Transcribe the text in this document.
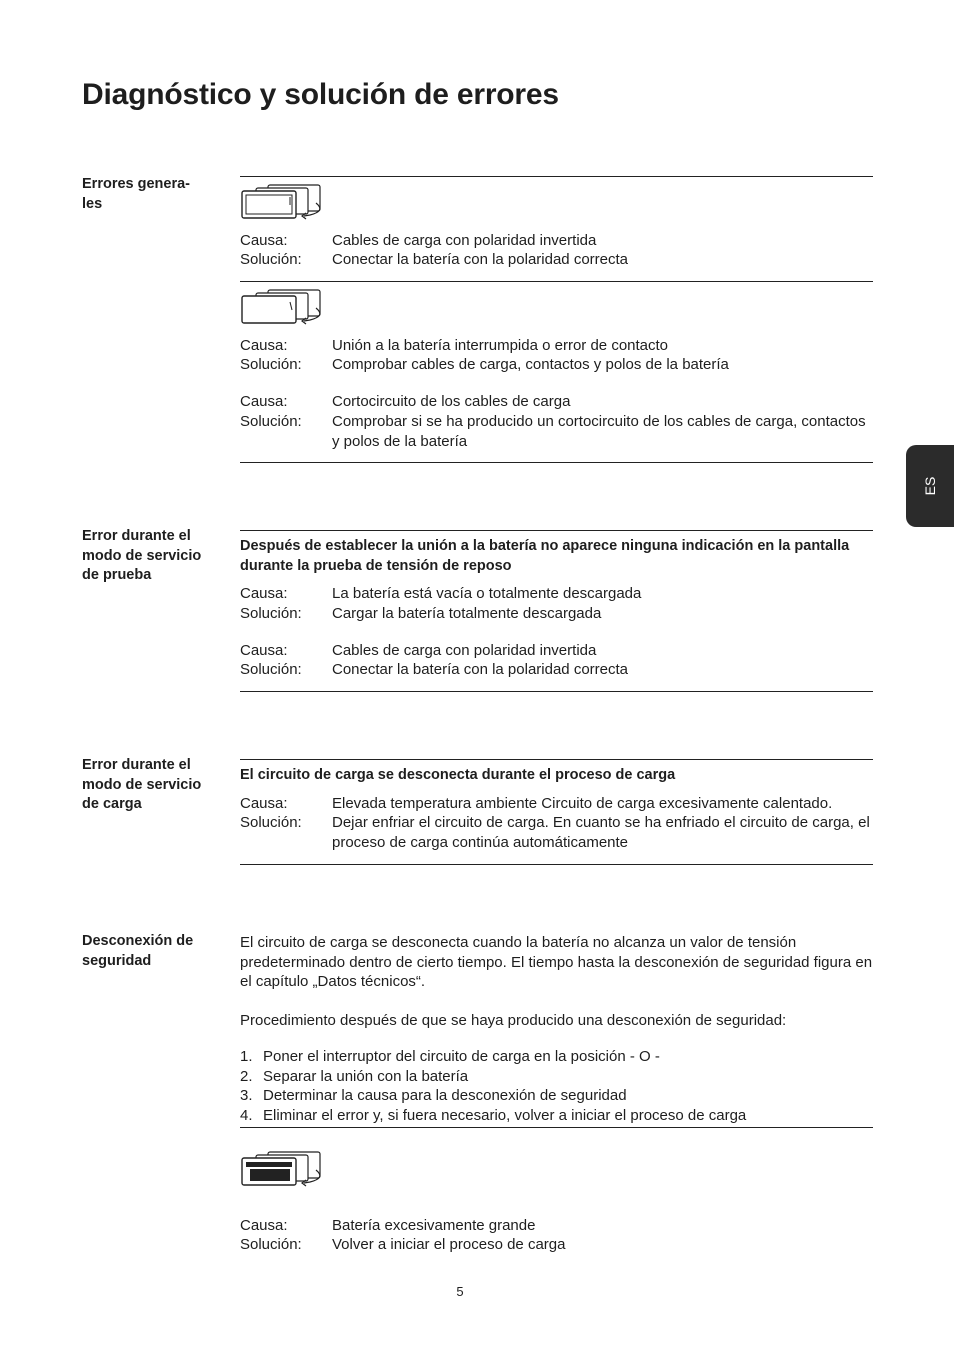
Diagnóstico y solución de errores
ES
Errores genera-
les
Causa:	Cables de carga con polaridad invertida
Solución: Conectar la batería con la polaridad correcta
Causa:	Unión a la batería interrumpida o error de contacto
Solución: Comprobar cables de carga, contactos y polos de la batería
Causa:	Cortocircuito de los cables de carga
Solución: Comprobar si se ha producido un cortocircuito de los cables de carga, contactos y polos de la batería
Error durante el modo de servicio de prueba
Después de establecer la unión a la batería no aparece ninguna indicación en la pantalla durante la prueba de tensión de reposo
Causa:	La batería está vacía o totalmente descargada
Solución: Cargar la batería totalmente descargada
Causa:	Cables de carga con polaridad invertida
Solución: Conectar la batería con la polaridad correcta
Error durante el modo de servicio de carga
El circuito de carga se desconecta durante el proceso de carga
Causa:	Elevada temperatura ambiente Circuito de carga excesivamente calentado.
Solución: Dejar enfriar el circuito de carga. En cuanto se ha enfriado el circuito de carga, el proceso de carga continúa automáticamente
Desconexión de seguridad
El circuito de carga se desconecta cuando la batería no alcanza un valor de tensión predeterminado dentro de cierto tiempo. El tiempo hasta la desconexión de seguridad figura en el capítulo „Datos técnicos“.
Procedimiento después de que se haya producido una desconexión de seguridad:
1. Poner el interruptor del circuito de carga en la posición - O -
2. Separar la unión con la batería
3. Determinar la causa para la desconexión de seguridad
4. Eliminar el error y, si fuera necesario, volver a iniciar el proceso de carga
Causa:	Batería excesivamente grande
Solución: Volver a iniciar el proceso de carga
5
